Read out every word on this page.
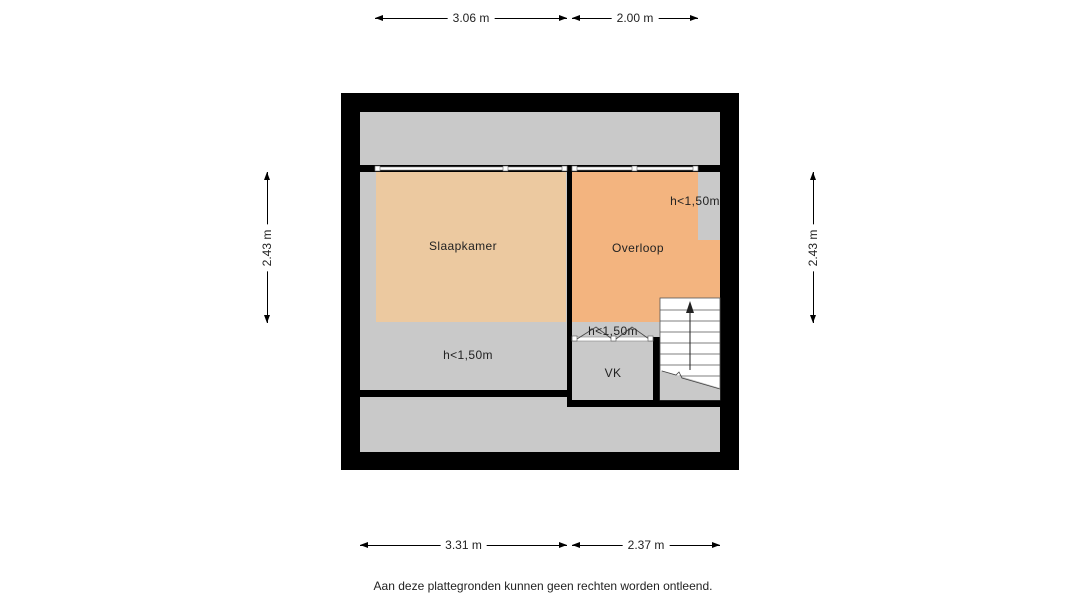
3.06 m	2.00 m
3.31 m	2.37 m
2.43 m	2.43 m
Slaapkamer
h<1,50m
Overloop
h<1,50m
h<1,50m
VK
Aan deze plattegronden kunnen geen rechten worden ontleend.
